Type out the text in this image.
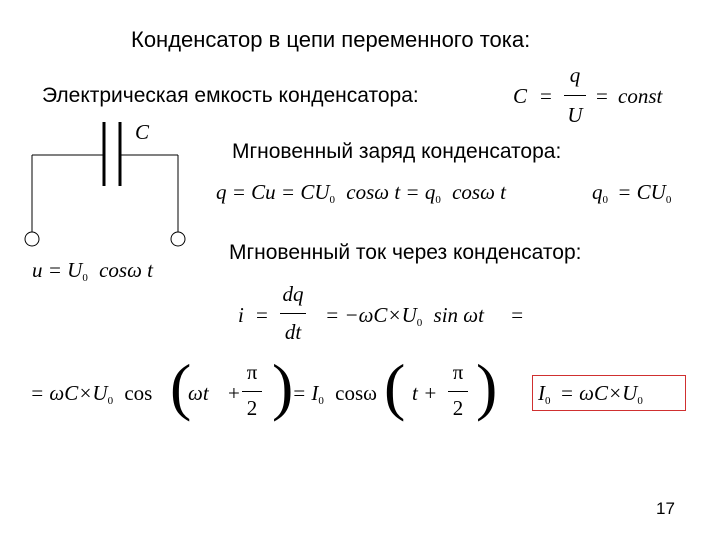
Конденсатор в цепи переменного тока:
Электрическая емкость конденсатора:
Мгновенный заряд конденсатора:
Мгновенный ток через конденсатор:
17
C =
q
U
= const
C
u = U0 cosω t
q = Cu = CU0 cosω t = q0 cosω t	q0 = CU0
i =
dq
dt
= −ωC×U0 sin ωt =
= ωC×U0 cos (
ωt +
π
2 )
= I0 cosω ( t +
π
2 ) I0 = ωC×U0
